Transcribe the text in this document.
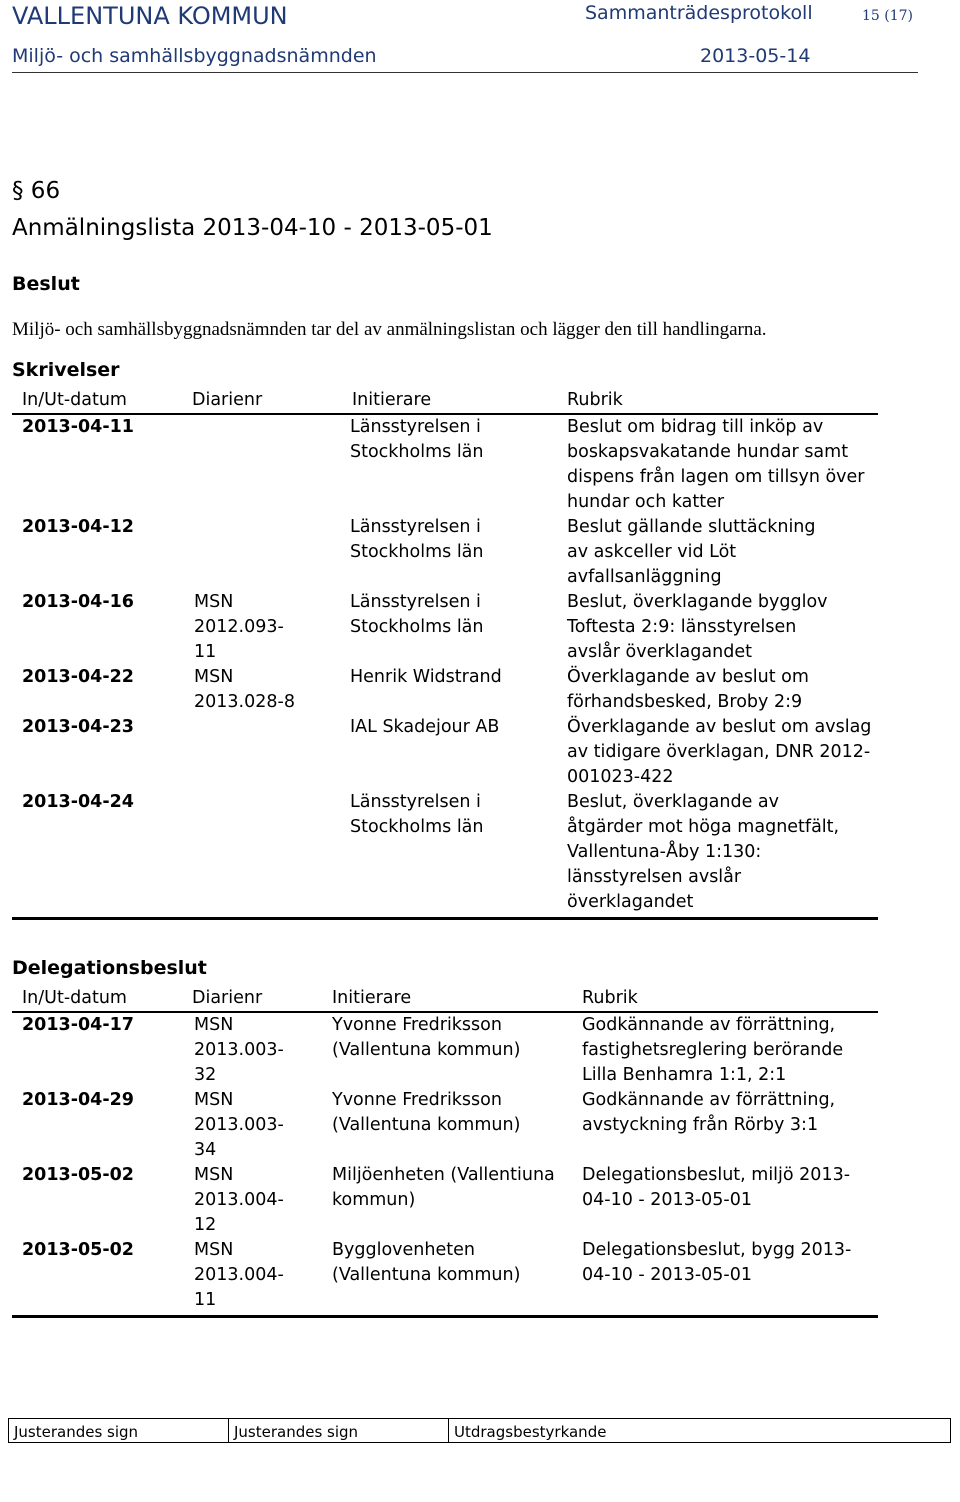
VALLENTUNA KOMMUN	Sammanträdesprotokoll	15 (17)
Miljö- och samhällsbyggnadsnämnden	2013-05-14
§ 66
Anmälningslista 2013-04-10 - 2013-05-01
Beslut
Miljö- och samhällsbyggnadsnämnden tar del av anmälningslistan och lägger den till handlingarna.
Skrivelser
In/Ut-datum	Diarienr	Initierare	Rubrik
2013-04-11		Länsstyrelsen i Stockholms län	Beslut om bidrag till inköp av boskapsvakatande hundar samt dispens från lagen om tillsyn över hundar och katter
2013-04-12		Länsstyrelsen i Stockholms län	Beslut gällande sluttäckning av askceller vid Löt avfallsanläggning
2013-04-16	MSN 2012.093-11	Länsstyrelsen i Stockholms län	Beslut, överklagande bygglov Toftesta 2:9: länsstyrelsen avslår överklagandet
2013-04-22	MSN 2013.028-8	Henrik Widstrand	Överklagande av beslut om förhandsbesked, Broby 2:9
2013-04-23		IAL Skadejour AB	Överklagande av beslut om avslag av tidigare överklagan, DNR 2012-001023-422
2013-04-24		Länsstyrelsen i Stockholms län	Beslut, överklagande av åtgärder mot höga magnetfält, Vallentuna-Åby 1:130: länsstyrelsen avslår överklagandet
Delegationsbeslut
In/Ut-datum	Diarienr	Initierare	Rubrik
2013-04-17	MSN 2013.003-32	Yvonne Fredriksson (Vallentuna kommun)	Godkännande av förrättning, fastighetsreglering berörande Lilla Benhamra 1:1, 2:1
2013-04-29	MSN 2013.003-34	Yvonne Fredriksson (Vallentuna kommun)	Godkännande av förrättning, avstyckning från Rörby 3:1
2013-05-02	MSN 2013.004-12	Miljöenheten (Vallentiuna kommun)	Delegationsbeslut, miljö 2013-04-10 - 2013-05-01
2013-05-02	MSN 2013.004-11	Bygglovenheten (Vallentuna kommun)	Delegationsbeslut, bygg 2013-04-10 - 2013-05-01
Justerandes sign	Justerandes sign	Utdragsbestyrkande
